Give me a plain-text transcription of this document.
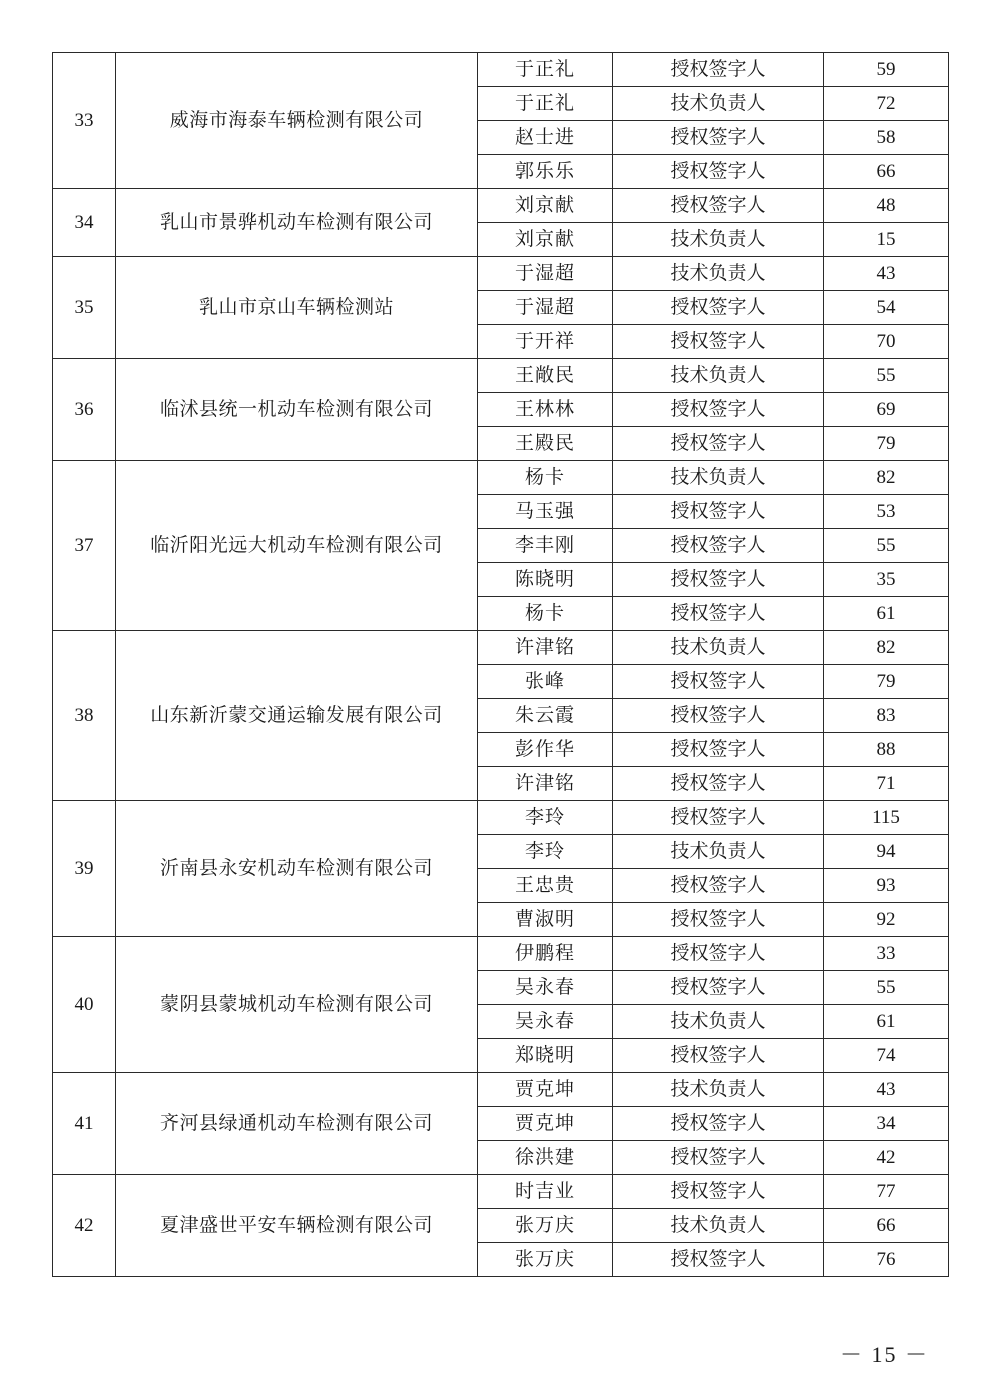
33	威海市海泰车辆检测有限公司	于正礼	授权签字人	59
		于正礼	技术负责人	72
		赵士进	授权签字人	58
		郭乐乐	授权签字人	66
34	乳山市景骅机动车检测有限公司	刘京献	授权签字人	48
		刘京献	技术负责人	15
35	乳山市京山车辆检测站	于湿超	技术负责人	43
		于湿超	授权签字人	54
		于开祥	授权签字人	70
36	临沭县统一机动车检测有限公司	王敞民	技术负责人	55
		王林林	授权签字人	69
		王殿民	授权签字人	79
37	临沂阳光远大机动车检测有限公司	杨卡	技术负责人	82
		马玉强	授权签字人	53
		李丰刚	授权签字人	55
		陈晓明	授权签字人	35
		杨卡	授权签字人	61
38	山东新沂蒙交通运输发展有限公司	许津铭	技术负责人	82
		张峰	授权签字人	79
		朱云霞	授权签字人	83
		彭作华	授权签字人	88
		许津铭	授权签字人	71
39	沂南县永安机动车检测有限公司	李玲	授权签字人	115
		李玲	技术负责人	94
		王忠贵	授权签字人	93
		曹淑明	授权签字人	92
40	蒙阴县蒙城机动车检测有限公司	伊鹏程	授权签字人	33
		吴永春	授权签字人	55
		吴永春	技术负责人	61
		郑晓明	授权签字人	74
41	齐河县绿通机动车检测有限公司	贾克坤	技术负责人	43
		贾克坤	授权签字人	34
		徐洪建	授权签字人	42
42	夏津盛世平安车辆检测有限公司	时吉业	授权签字人	77
		张万庆	技术负责人	66
		张万庆	授权签字人	76
－ 15 －
